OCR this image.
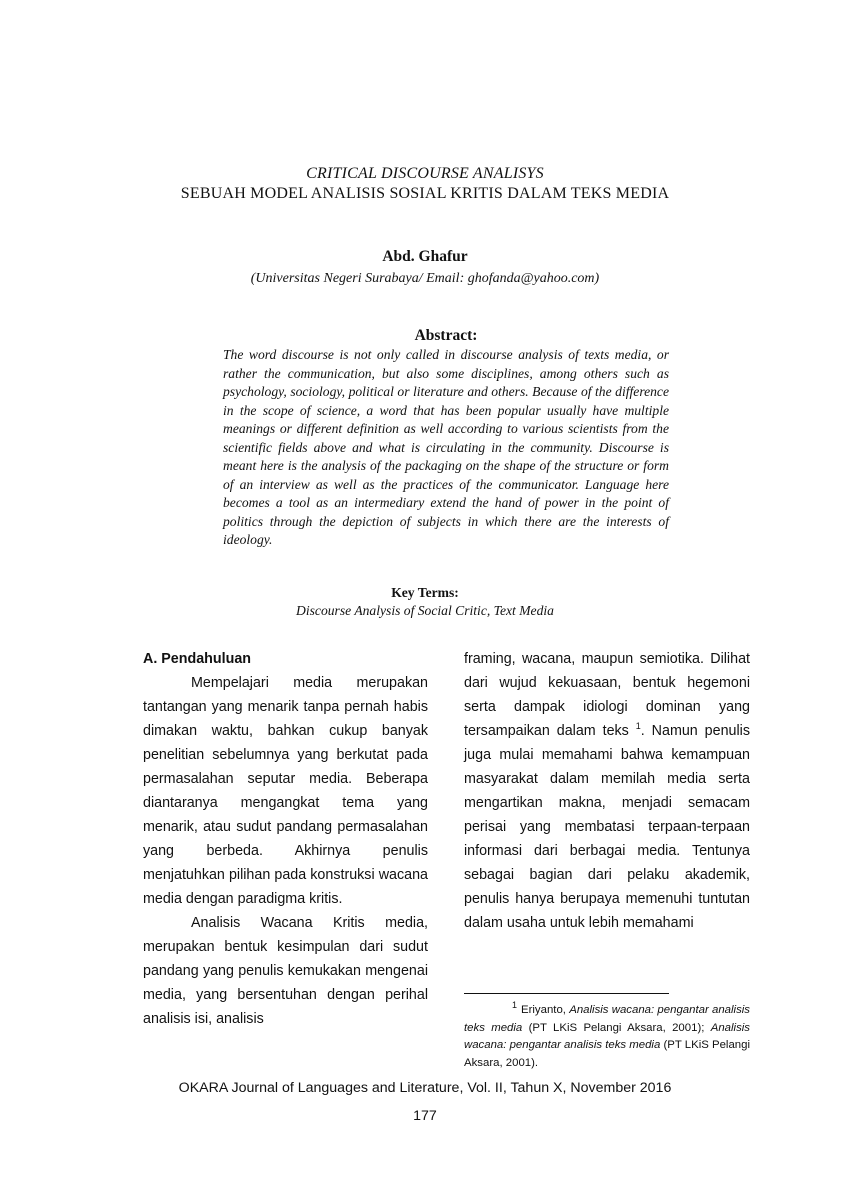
CRITICAL DISCOURSE ANALISYS
SEBUAH MODEL ANALISIS SOSIAL KRITIS DALAM TEKS MEDIA
Abd. Ghafur
(Universitas Negeri Surabaya/ Email: ghofanda@yahoo.com)
Abstract:
The word discourse is not only called in discourse analysis of texts media, or rather the communication, but also some disciplines, among others such as psychology, sociology, political or literature and others. Because of the difference in the scope of science, a word that has been popular usually have multiple meanings or different definition as well according to various scientists from the scientific fields above and what is circulating in the community. Discourse is meant here is the analysis of the packaging on the shape of the structure or form of an interview as well as the practices of the communicator. Language here becomes a tool as an intermediary extend the hand of power in the point of politics through the depiction of subjects in which there are the interests of ideology.
Key Terms:
Discourse Analysis of Social Critic, Text Media

A. Pendahuluan

Mempelajari media merupakan tantangan yang menarik tanpa pernah habis dimakan waktu, bahkan cukup banyak penelitian sebelumnya yang berkutat pada permasalahan seputar media. Beberapa diantaranya mengangkat tema yang menarik, atau sudut pandang permasalahan yang berbeda. Akhirnya penulis menjatuhkan pilihan pada konstruksi wacana media dengan paradigma kritis.

Analisis Wacana Kritis media, merupakan bentuk kesimpulan dari sudut pandang yang penulis kemukakan mengenai media, yang bersentuhan dengan perihal analisis isi, analisis

framing, wacana, maupun semiotika. Dilihat dari wujud kekuasaan, bentuk hegemoni serta dampak idiologi dominan yang tersampaikan dalam teks $^1$. Namun penulis juga mulai memahami bahwa kemampuan masyarakat dalam memilah media serta mengartikan makna, menjadi semacam perisai yang membatasi terpaan-terpaan informasi dari berbagai media. Tentunya sebagai bagian dari pelaku akademik, penulis hanya berupaya memenuhi tuntutan dalam usaha untuk lebih memahami

$^1$ Eriyanto, Analisis wacana: pengantar analisis teks media (PT LKiS Pelangi Aksara, 2001); Analisis wacana: pengantar analisis teks media (PT LKiS Pelangi Aksara, 2001).
OKARA Journal of Languages and Literature, Vol. II, Tahun X, November 2016
177
